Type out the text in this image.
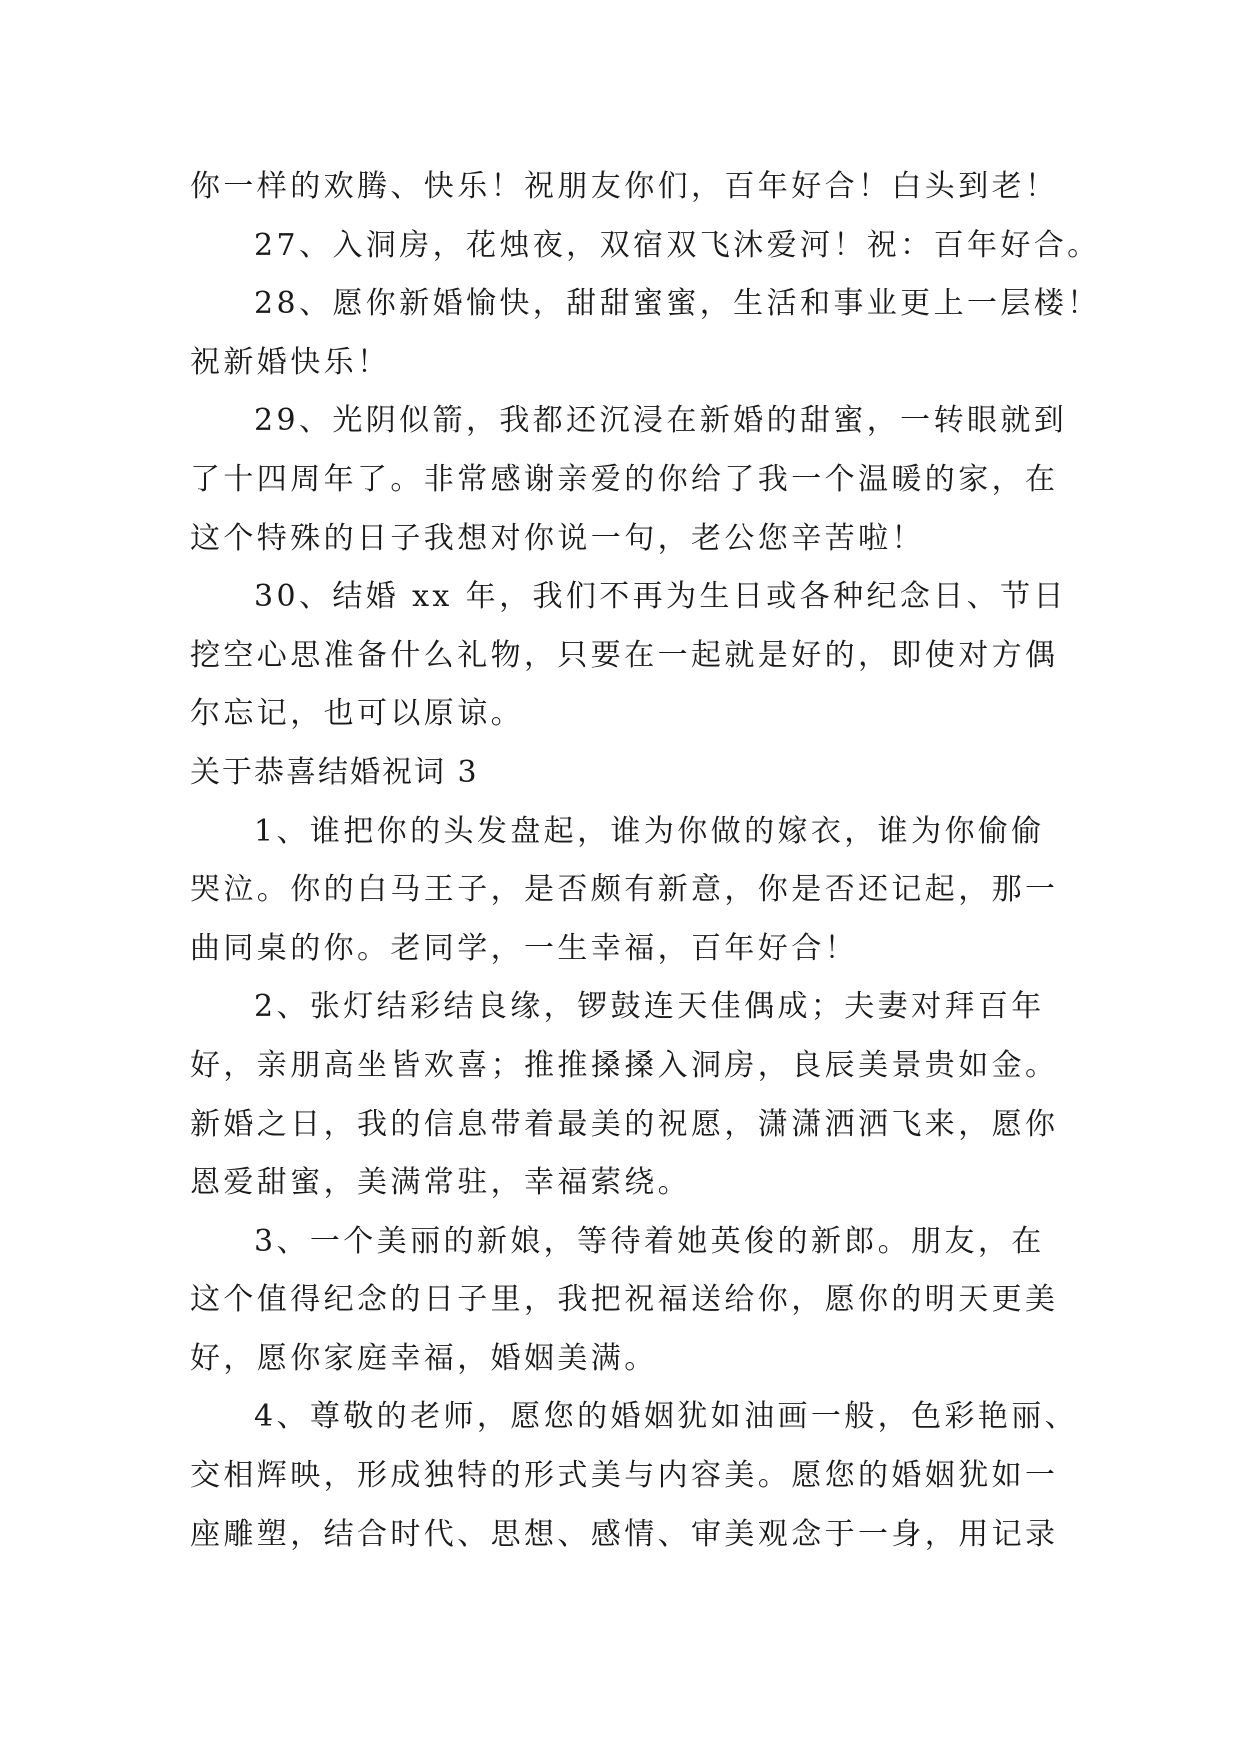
你一样的欢腾、快乐！祝朋友你们，百年好合！白头到老！
27、入洞房，花烛夜，双宿双飞沐爱河！祝：百年好合。
28、愿你新婚愉快，甜甜蜜蜜，生活和事业更上一层楼！
祝新婚快乐！
29、光阴似箭，我都还沉浸在新婚的甜蜜，一转眼就到
了十四周年了。非常感谢亲爱的你给了我一个温暖的家，在
这个特殊的日子我想对你说一句，老公您辛苦啦！
30、结婚 xx 年，我们不再为生日或各种纪念日、节日
挖空心思准备什么礼物，只要在一起就是好的，即使对方偶
尔忘记，也可以原谅。
关于恭喜结婚祝词 3
1、谁把你的头发盘起，谁为你做的嫁衣，谁为你偷偷
哭泣。你的白马王子，是否颇有新意，你是否还记起，那一
曲同桌的你。老同学，一生幸福，百年好合！
2、张灯结彩结良缘，锣鼓连天佳偶成；夫妻对拜百年
好，亲朋高坐皆欢喜；推推搡搡入洞房，良辰美景贵如金。
新婚之日，我的信息带着最美的祝愿，潇潇洒洒飞来，愿你
恩爱甜蜜，美满常驻，幸福萦绕。
3、一个美丽的新娘，等待着她英俊的新郎。朋友，在
这个值得纪念的日子里，我把祝福送给你，愿你的明天更美
好，愿你家庭幸福，婚姻美满。
4、尊敬的老师，愿您的婚姻犹如油画一般，色彩艳丽、
交相辉映，形成独特的形式美与内容美。愿您的婚姻犹如一
座雕塑，结合时代、思想、感情、审美观念于一身，用记录
